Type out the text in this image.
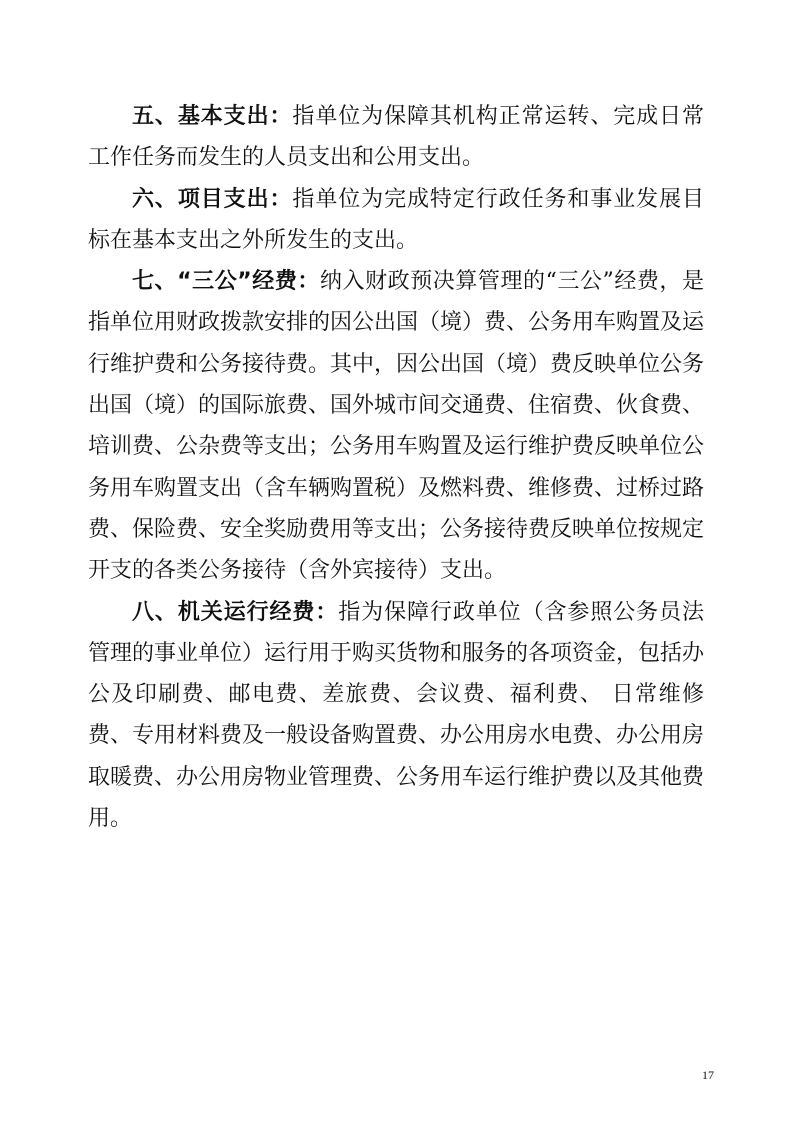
五、基本支出：指单位为保障其机构正常运转、完成日常工作任务而发生的人员支出和公用支出。

六、项目支出：指单位为完成特定行政任务和事业发展目标在基本支出之外所发生的支出。

七、“三公”经费：纳入财政预决算管理的“三公”经费，是指单位用财政拨款安排的因公出国（境）费、公务用车购置及运行维护费和公务接待费。其中，因公出国（境）费反映单位公务出国（境）的国际旅费、国外城市间交通费、住宿费、伙食费、培训费、公杂费等支出；公务用车购置及运行维护费反映单位公务用车购置支出（含车辆购置税）及燃料费、维修费、过桥过路费、保险费、安全奖励费用等支出；公务接待费反映单位按规定开支的各类公务接待（含外宾接待）支出。

八、机关运行经费：指为保障行政单位（含参照公务员法管理的事业单位）运行用于购买货物和服务的各项资金，包括办公及印刷费、邮电费、差旅费、会议费、福利费、 日常维修费、专用材料费及一般设备购置费、办公用房水电费、办公用房取暖费、办公用房物业管理费、公务用车运行维护费以及其他费用。

17
